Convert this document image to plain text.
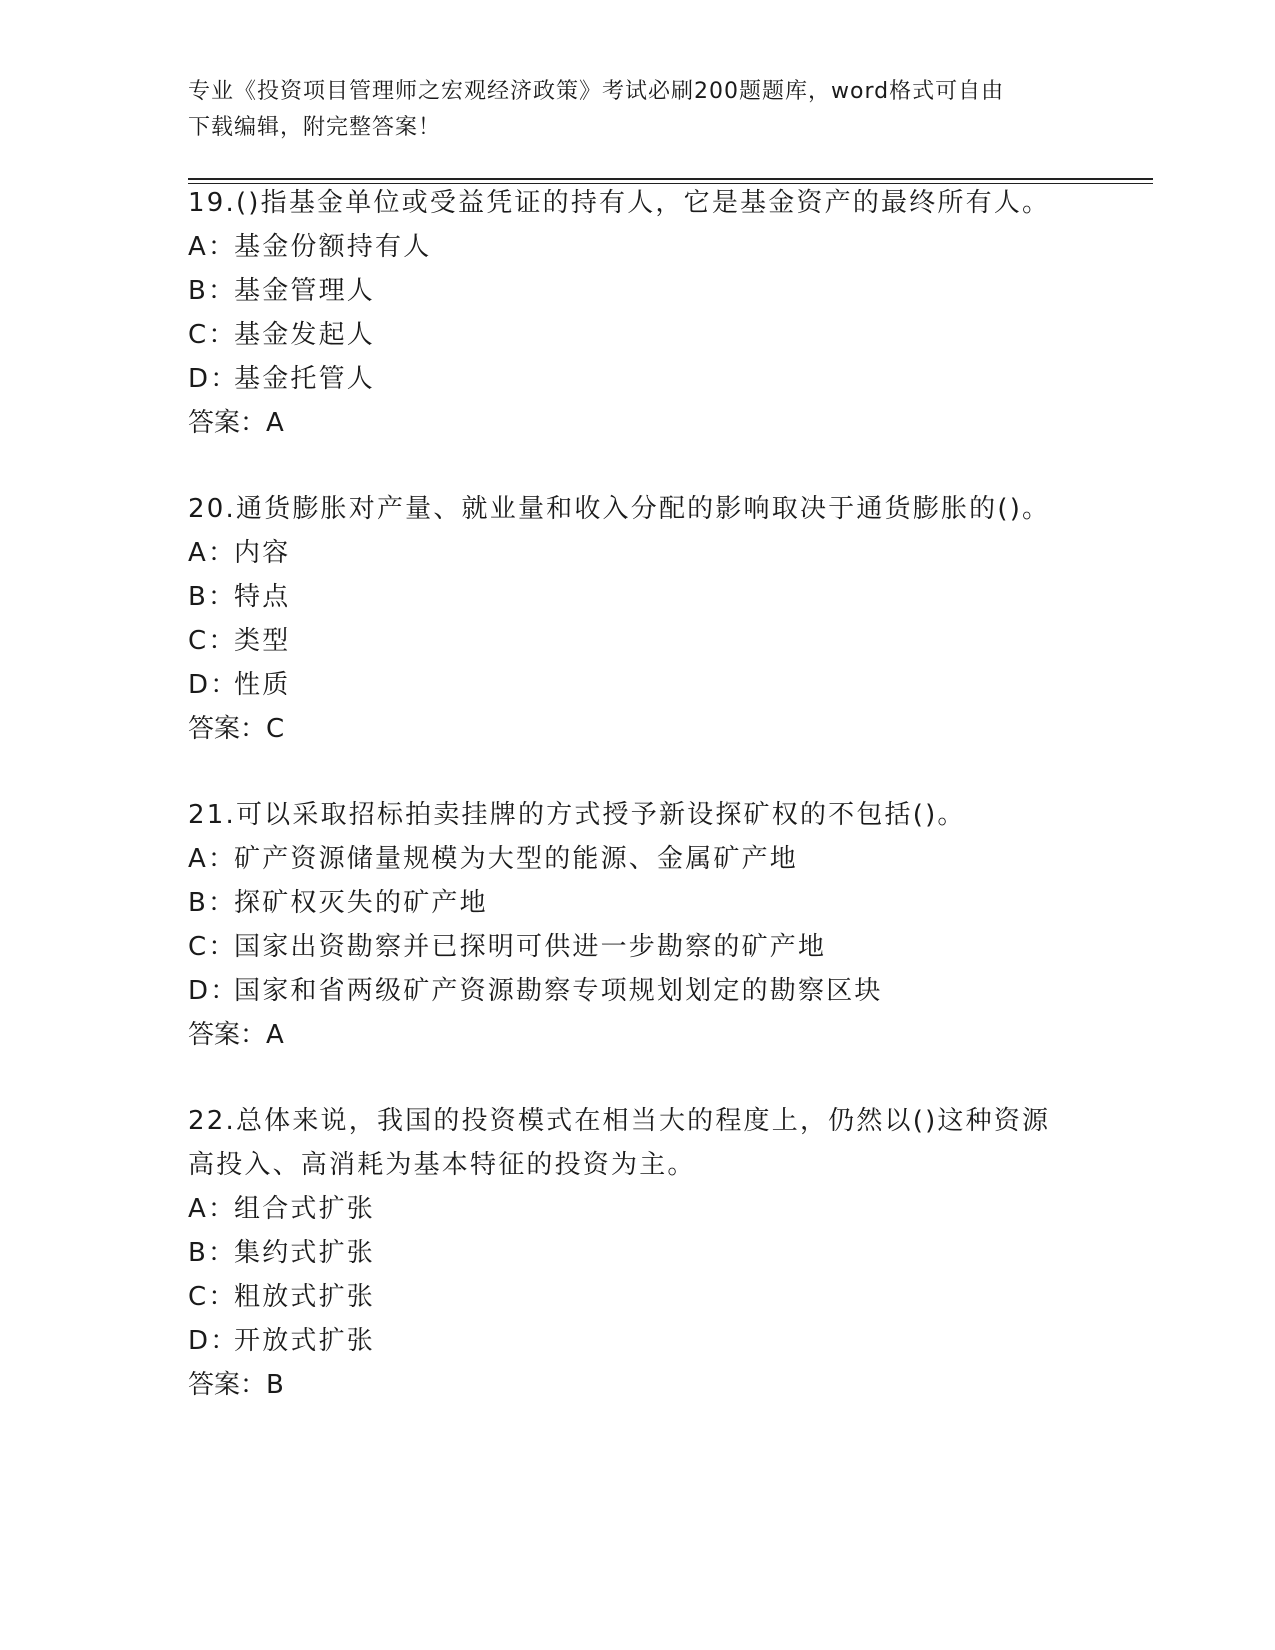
专业《投资项目管理师之宏观经济政策》考试必刷200题题库，word格式可自由
下载编辑，附完整答案！
19.()指基金单位或受益凭证的持有人，它是基金资产的最终所有人。
A：基金份额持有人
B：基金管理人
C：基金发起人
D：基金托管人
答案：A
20.通货膨胀对产量、就业量和收入分配的影响取决于通货膨胀的()。
A：内容
B：特点
C：类型
D：性质
答案：C
21.可以采取招标拍卖挂牌的方式授予新设探矿权的不包括()。
A：矿产资源储量规模为大型的能源、金属矿产地
B：探矿权灭失的矿产地
C：国家出资勘察并已探明可供进一步勘察的矿产地
D：国家和省两级矿产资源勘察专项规划划定的勘察区块
答案：A
22.总体来说，我国的投资模式在相当大的程度上，仍然以()这种资源
高投入、高消耗为基本特征的投资为主。
A：组合式扩张
B：集约式扩张
C：粗放式扩张
D：开放式扩张
答案：B
